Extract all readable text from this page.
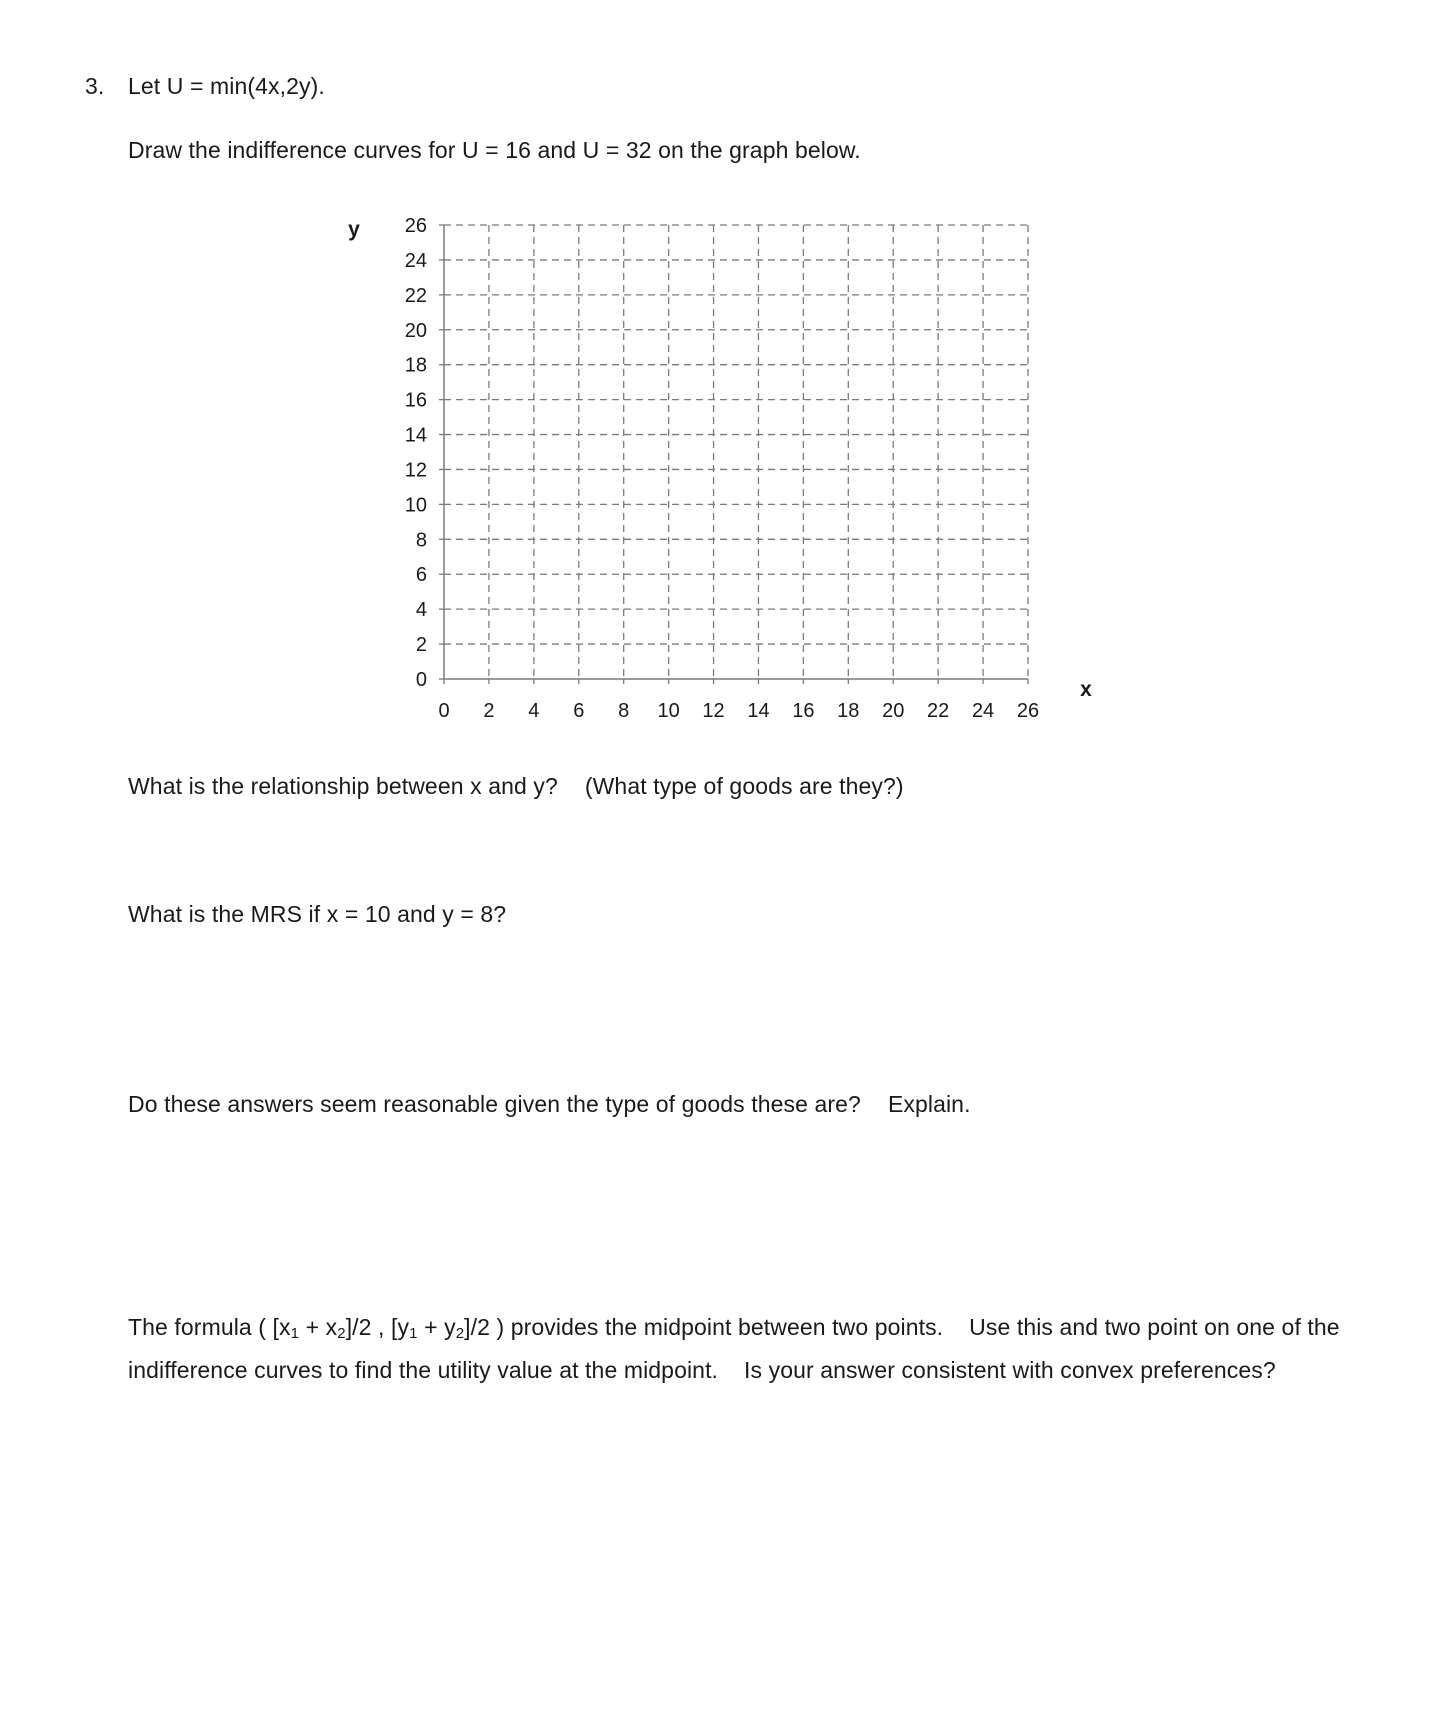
3. Let U = min(4x,2y).
Draw the indifference curves for U = 16 and U = 32 on the graph below.
0
2
4
6
8
10
12
14
16
18
20
22
24
26
0 2 4 6 8 10 12 14 16 18 20 22 24 26
y
x
What is the relationship between x and y? (What type of goods are they?)
What is the MRS if x = 10 and y = 8?
Do these answers seem reasonable given the type of goods these are? Explain.
The formula ( $[x_1 + x_2]/2$ , $[y_1 + y_2]/2$ ) provides the midpoint between two points.    Use this and two point on one of the indifference curves to find the utility value at the midpoint.    Is your answer consistent with convex preferences?
